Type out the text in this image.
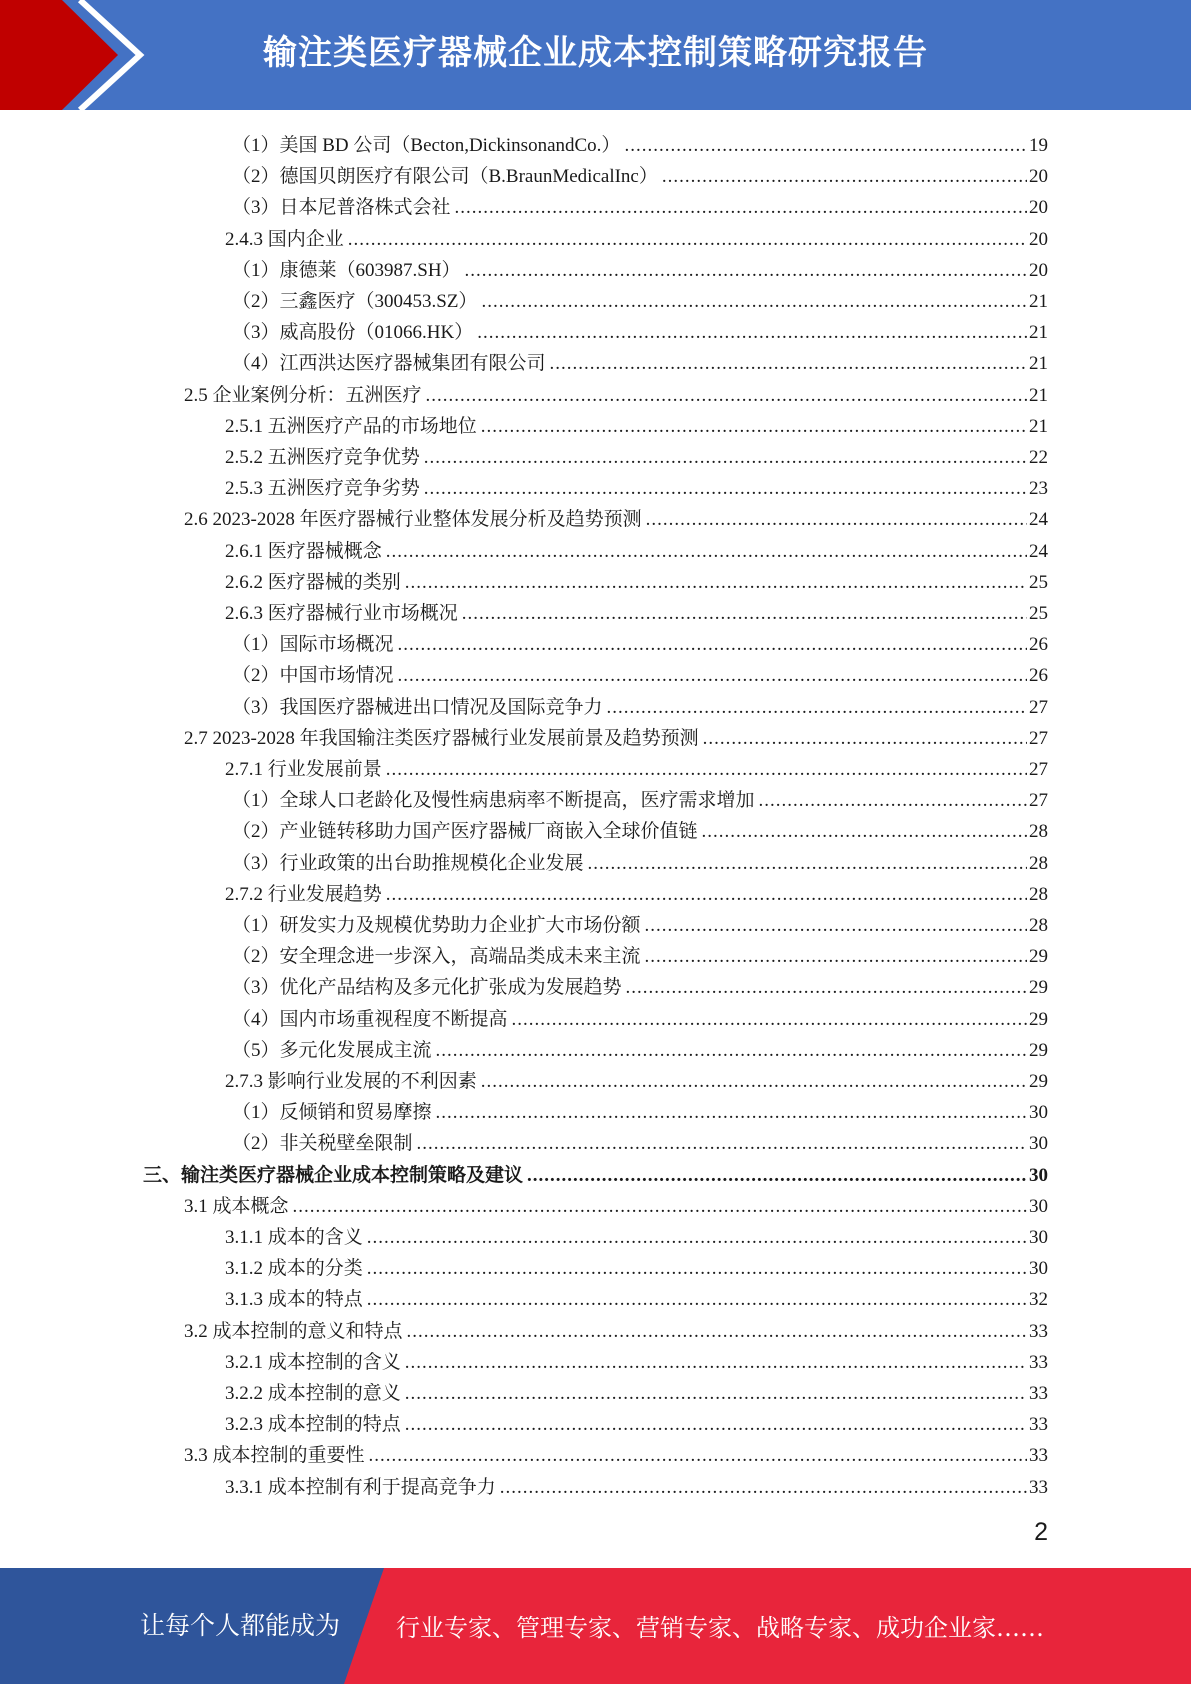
输注类医疗器械企业成本控制策略研究报告
（1）美国 BD 公司（Becton,DickinsonandCo.） .....	19
（2）德国贝朗医疗有限公司（B.BraunMedicalInc） .....	20
（3）日本尼普洛株式会社 .....	20
2.4.3 国内企业 .....	20
（1）康德莱（603987.SH） .....	20
（2）三鑫医疗（300453.SZ） .....	21
（3）威高股份（01066.HK） .....	21
（4）江西洪达医疗器械集团有限公司 .....	21
2.5 企业案例分析：五洲医疗 .....	21
2.5.1 五洲医疗产品的市场地位 .....	21
2.5.2 五洲医疗竞争优势 .....	22
2.5.3 五洲医疗竞争劣势 .....	23
2.6 2023-2028 年医疗器械行业整体发展分析及趋势预测 .....	24
2.6.1 医疗器械概念 .....	24
2.6.2 医疗器械的类别 .....	25
2.6.3 医疗器械行业市场概况 .....	25
（1）国际市场概况 .....	26
（2）中国市场情况 .....	26
（3）我国医疗器械进出口情况及国际竞争力 .....	27
2.7 2023-2028 年我国输注类医疗器械行业发展前景及趋势预测 .....	27
2.7.1 行业发展前景 .....	27
（1）全球人口老龄化及慢性病患病率不断提高，医疗需求增加 .....	27
（2）产业链转移助力国产医疗器械厂商嵌入全球价值链 .....	28
（3）行业政策的出台助推规模化企业发展 .....	28
2.7.2 行业发展趋势 .....	28
（1）研发实力及规模优势助力企业扩大市场份额 .....	28
（2）安全理念进一步深入，高端品类成未来主流 .....	29
（3）优化产品结构及多元化扩张成为发展趋势 .....	29
（4）国内市场重视程度不断提高 .....	29
（5）多元化发展成主流 .....	29
2.7.3 影响行业发展的不利因素 .....	29
（1）反倾销和贸易摩擦 .....	30
（2）非关税壁垒限制 .....	30
三、输注类医疗器械企业成本控制策略及建议 .....	30
3.1 成本概念 .....	30
3.1.1 成本的含义 .....	30
3.1.2 成本的分类 .....	30
3.1.3 成本的特点 .....	32
3.2 成本控制的意义和特点 .....	33
3.2.1 成本控制的含义 .....	33
3.2.2 成本控制的意义 .....	33
3.2.3 成本控制的特点 .....	33
3.3 成本控制的重要性 .....	33
3.3.1 成本控制有利于提高竞争力 .....	33
2
让每个人都能成为 行业专家、管理专家、营销专家、战略专家、成功企业家……
